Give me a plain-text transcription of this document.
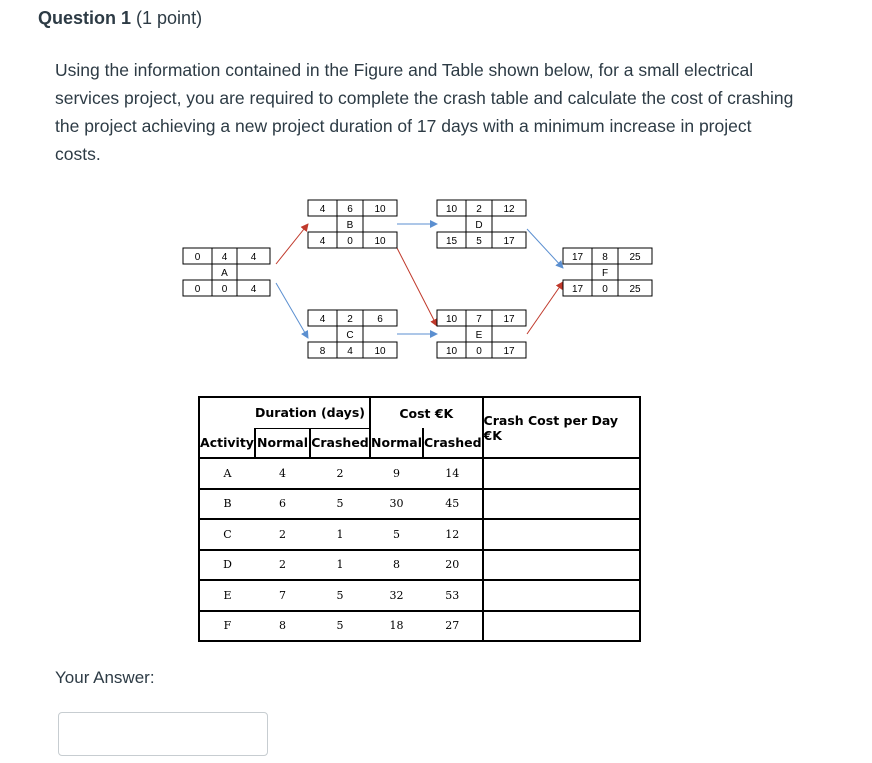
Question 1 (1 point)
Using the information contained in the Figure and Table shown below, for a small electrical services project, you are required to complete the crash table and calculate the cost of crashing the project achieving a new project duration of 17 days with a minimum increase in project costs.
0 4 4
A
0 0 4
4 6 10
B
4 0 10
4 2 6
C
8 4 10
10 2 12
D
15 5 17
10 7 17
E
10 0 17
17 8 25
F
17 0 25
	Duration (days)		Cost €K		Crash Cost per Day €K
Activity	Normal	Crashed	Normal	Crashed	
A	4	2	9	14	
B	6	5	30	45	
C	2	1	5	12	
D	2	1	8	20	
E	7	5	32	53	
F	8	5	18	27	
Your Answer:
